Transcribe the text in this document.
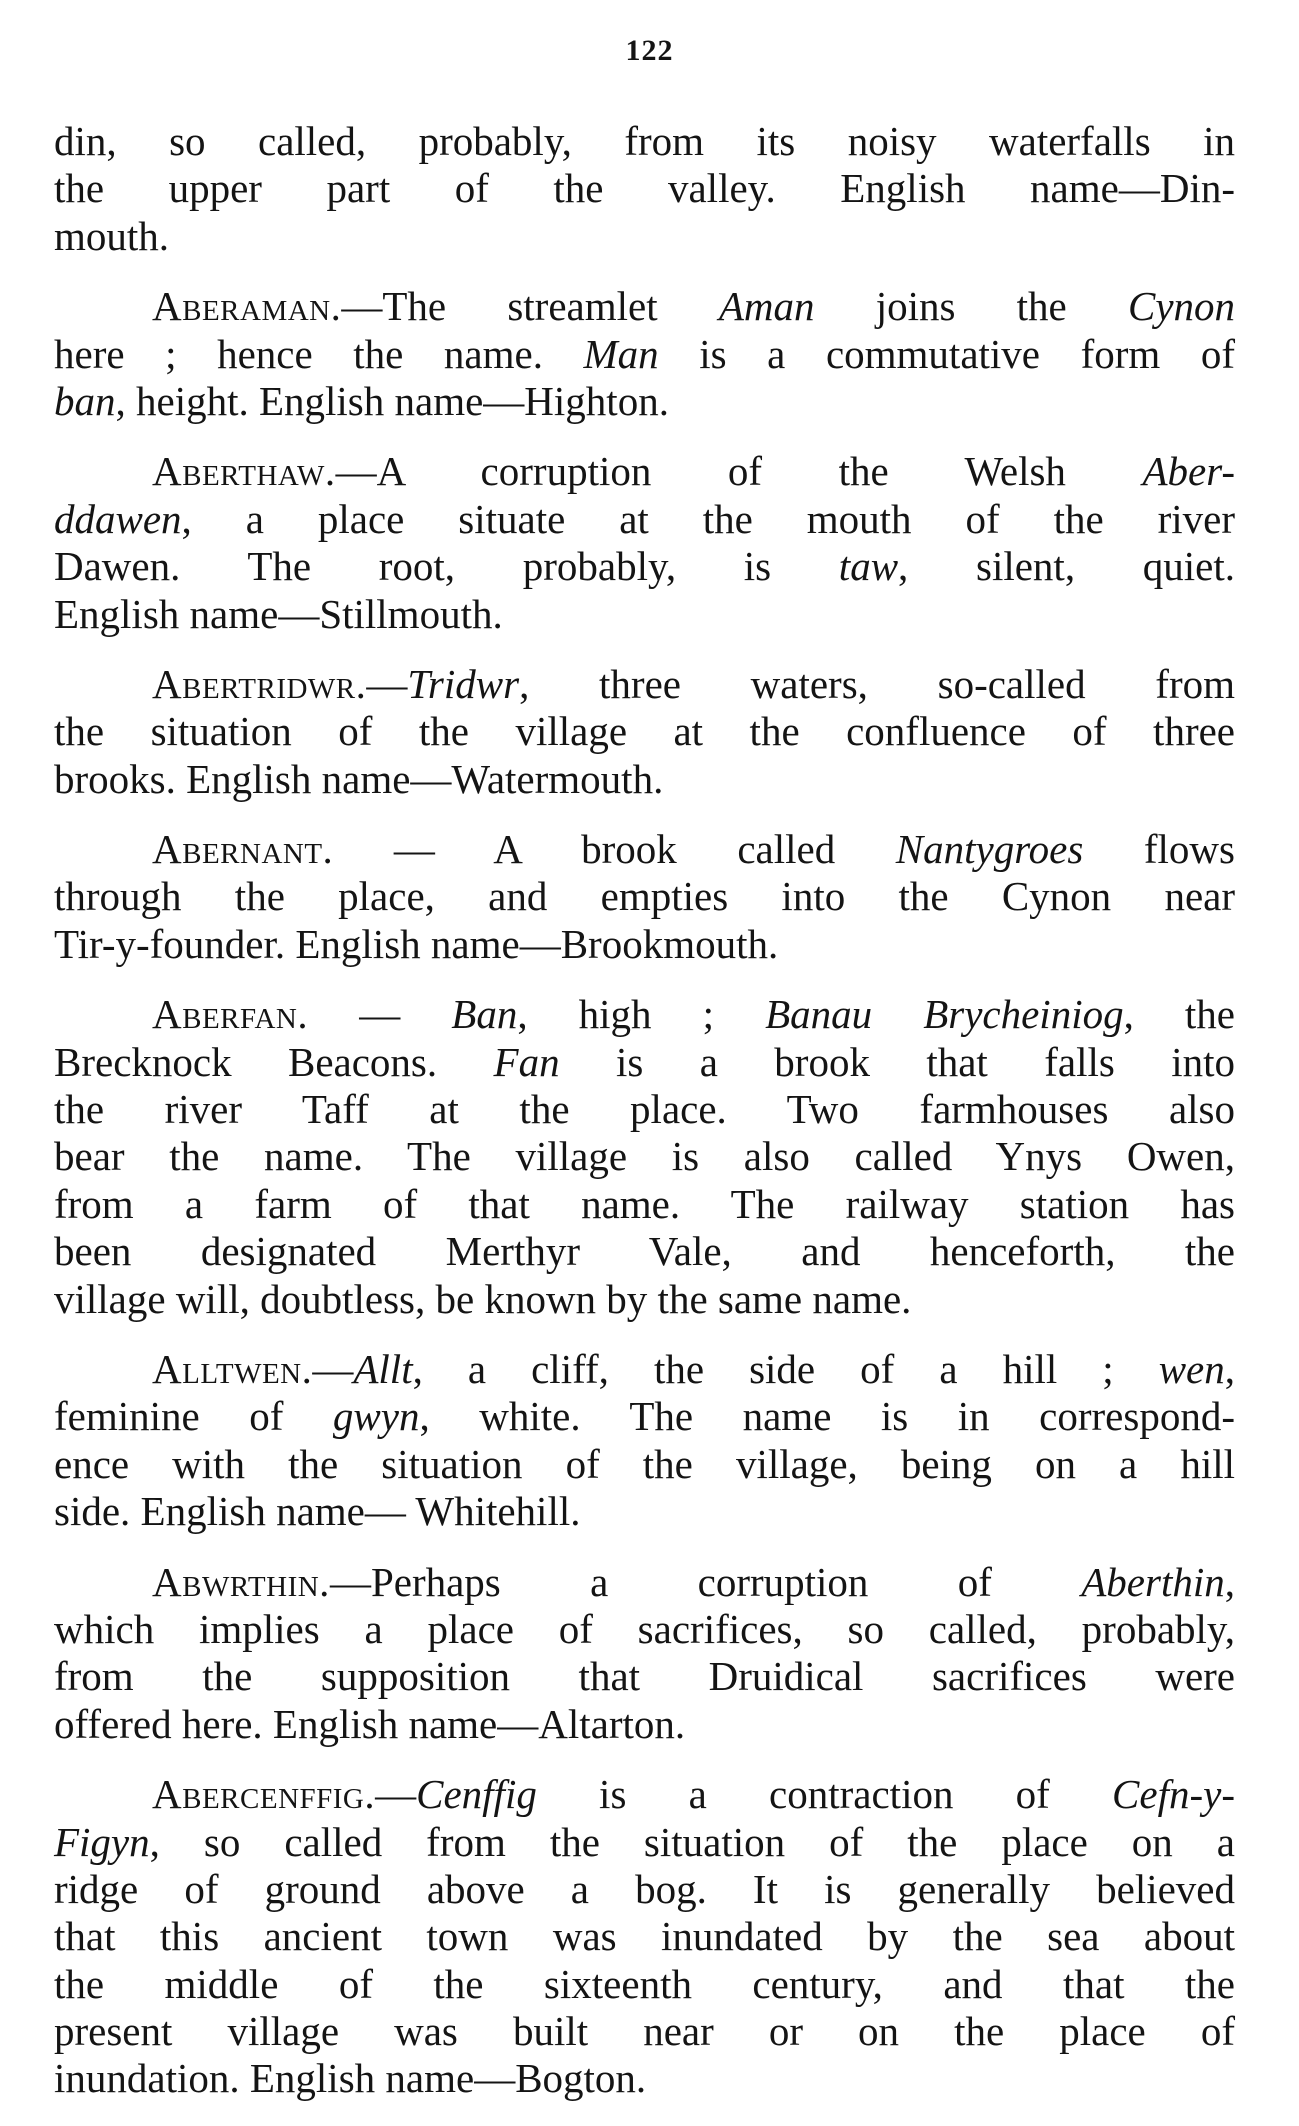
122
din, so called, probably, from its noisy waterfalls in
the upper part of the valley. English name—Din-
mouth.
Aberaman.—The streamlet Aman joins the Cynon
here ; hence the name. Man is a commutative form of
ban, height. English name—Highton.
Aberthaw.—A corruption of the Welsh Aber-
ddawen, a place situate at the mouth of the river
Dawen. The root, probably, is taw, silent, quiet.
English name—Stillmouth.
Abertridwr.—Tridwr, three waters, so-called from
the situation of the village at the confluence of three
brooks. English name—Watermouth.
Abernant. — A brook called Nantygroes flows
through the place, and empties into the Cynon near
Tir-y-founder. English name—Brookmouth.
Aberfan. — Ban, high ; Banau Brycheiniog, the
Brecknock Beacons. Fan is a brook that falls into
the river Taff at the place. Two farmhouses also
bear the name. The village is also called Ynys Owen,
from a farm of that name. The railway station has
been designated Merthyr Vale, and henceforth, the
village will, doubtless, be known by the same name.
Alltwen.—Allt, a cliff, the side of a hill ; wen,
feminine of gwyn, white. The name is in correspond-
ence with the situation of the village, being on a hill
side. English name— Whitehill.
Abwrthin.—Perhaps a corruption of Aberthin,
which implies a place of sacrifices, so called, probably,
from the supposition that Druidical sacrifices were
offered here. English name—Altarton.
Abercenffig.—Cenffig is a contraction of Cefn-y-
Figyn, so called from the situation of the place on a
ridge of ground above a bog. It is generally believed
that this ancient town was inundated by the sea about
the middle of the sixteenth century, and that the
present village was built near or on the place of
inundation. English name—Bogton.
